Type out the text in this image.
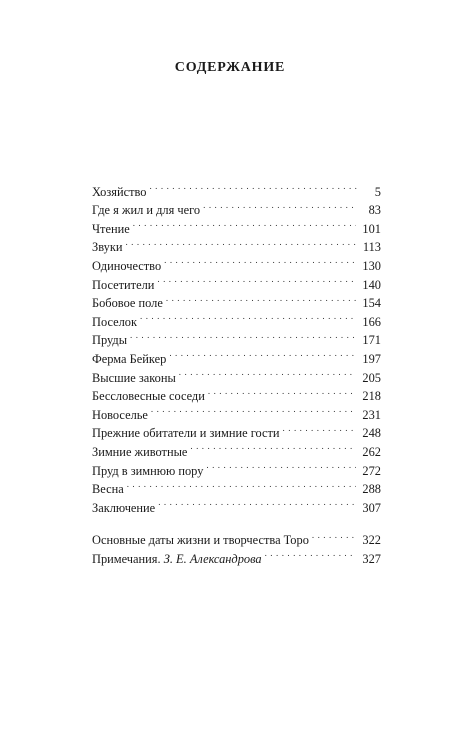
СОДЕРЖАНИЕ
Хозяйство . . .	5
Где я жил и для чего . . .	83
Чтение . . .	101
Звуки . . .	113
Одиночество . . .	130
Посетители . . .	140
Бобовое поле . . .	154
Поселок . . .	166
Пруды . . .	171
Ферма Бейкер . . .	197
Высшие законы . . .	205
Бессловесные соседи . . .	218
Новоселье . . .	231
Прежние обитатели и зимние гости . . .	248
Зимние животные . . .	262
Пруд в зимнюю пору . . .	272
Весна . . .	288
Заключение . . .	307
Основные даты жизни и творчества Торо . . .	322
Примечания. З. Е. Александрова . . .	327
